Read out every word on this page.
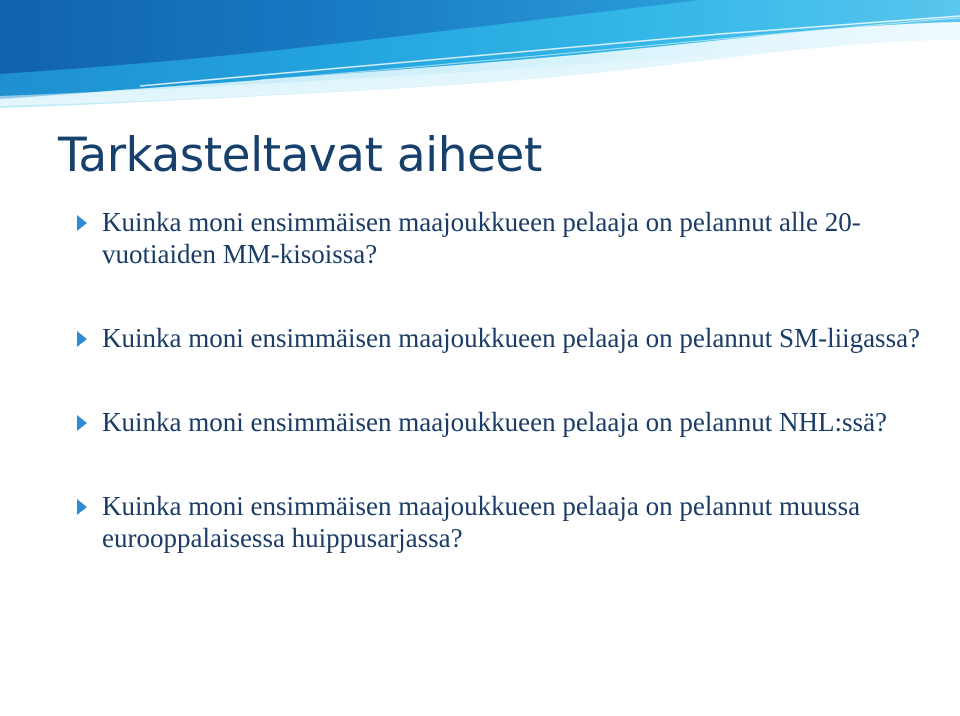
Tarkasteltavat aiheet
Kuinka moni ensimmäisen maajoukkueen pelaaja on pelannut alle 20-vuotiaiden MM-kisoissa?
Kuinka moni ensimmäisen maajoukkueen pelaaja on pelannut SM-liigassa?
Kuinka moni ensimmäisen maajoukkueen pelaaja on pelannut NHL:ssä?
Kuinka moni ensimmäisen maajoukkueen pelaaja on pelannut muussa eurooppalaisessa huippusarjassa?
